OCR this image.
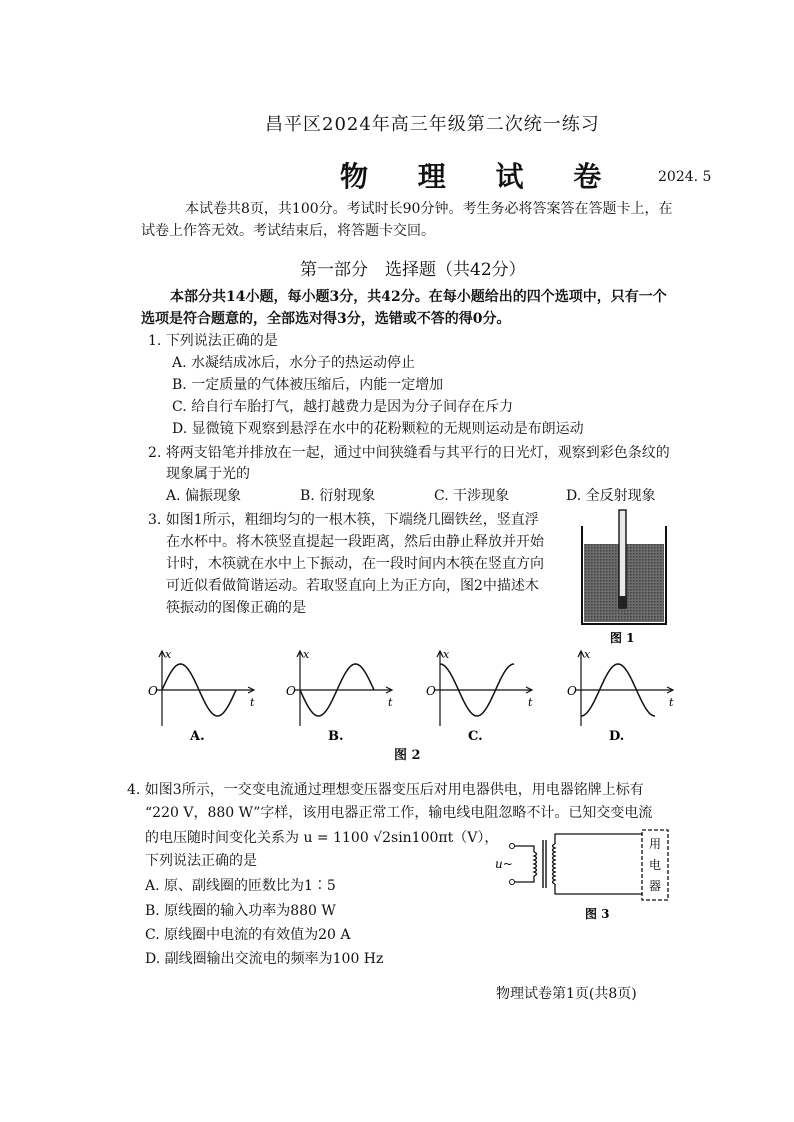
昌平区2024年高三年级第二次统一练习
物 理 试 卷	2024. 5
本试卷共8页，共100分。考试时长90分钟。考生务必将答案答在答题卡上，在
试卷上作答无效。考试结束后，将答题卡交回。
第一部分　选择题（共42分）
本部分共14小题，每小题3分，共42分。在每小题给出的四个选项中，只有一个
选项是符合题意的，全部选对得3分，选错或不答的得0分。
1. 下列说法正确的是
A. 水凝结成冰后，水分子的热运动停止
B. 一定质量的气体被压缩后，内能一定增加
C. 给自行车胎打气，越打越费力是因为分子间存在斥力
D. 显微镜下观察到悬浮在水中的花粉颗粒的无规则运动是布朗运动
2. 将两支铅笔并排放在一起，通过中间狭缝看与其平行的日光灯，观察到彩色条纹的
现象属于光的
A. 偏振现象	B. 衍射现象	C. 干涉现象	D. 全反射现象
3. 如图1所示，粗细均匀的一根木筷，下端绕几圈铁丝，竖直浮
在水杯中。将木筷竖直提起一段距离，然后由静止释放并开始
计时，木筷就在水中上下振动，在一段时间内木筷在竖直方向
可近似看做简谐运动。若取竖直向上为正方向，图2中描述木
筷振动的图像正确的是
图 1
x
t
O
A.
x
t
O
B.
x
t
O
C.
x
t
O
D.
图 2
4. 如图3所示，一交变电流通过理想变压器变压后对用电器供电，用电器铭牌上标有
“220 V，880 W”字样，该用电器正常工作，输电线电阻忽略不计。已知交变电流
的电压随时间变化关系为 u = 1100 √2sin100πt（V），
下列说法正确的是
A. 原、副线圈的匝数比为1∶5
B. 原线圈的输入功率为880 W
C. 原线圈中电流的有效值为20 A
D. 副线圈输出交流电的频率为100 Hz
u~
用
电
器
图 3
物理试卷第1页(共8页)
